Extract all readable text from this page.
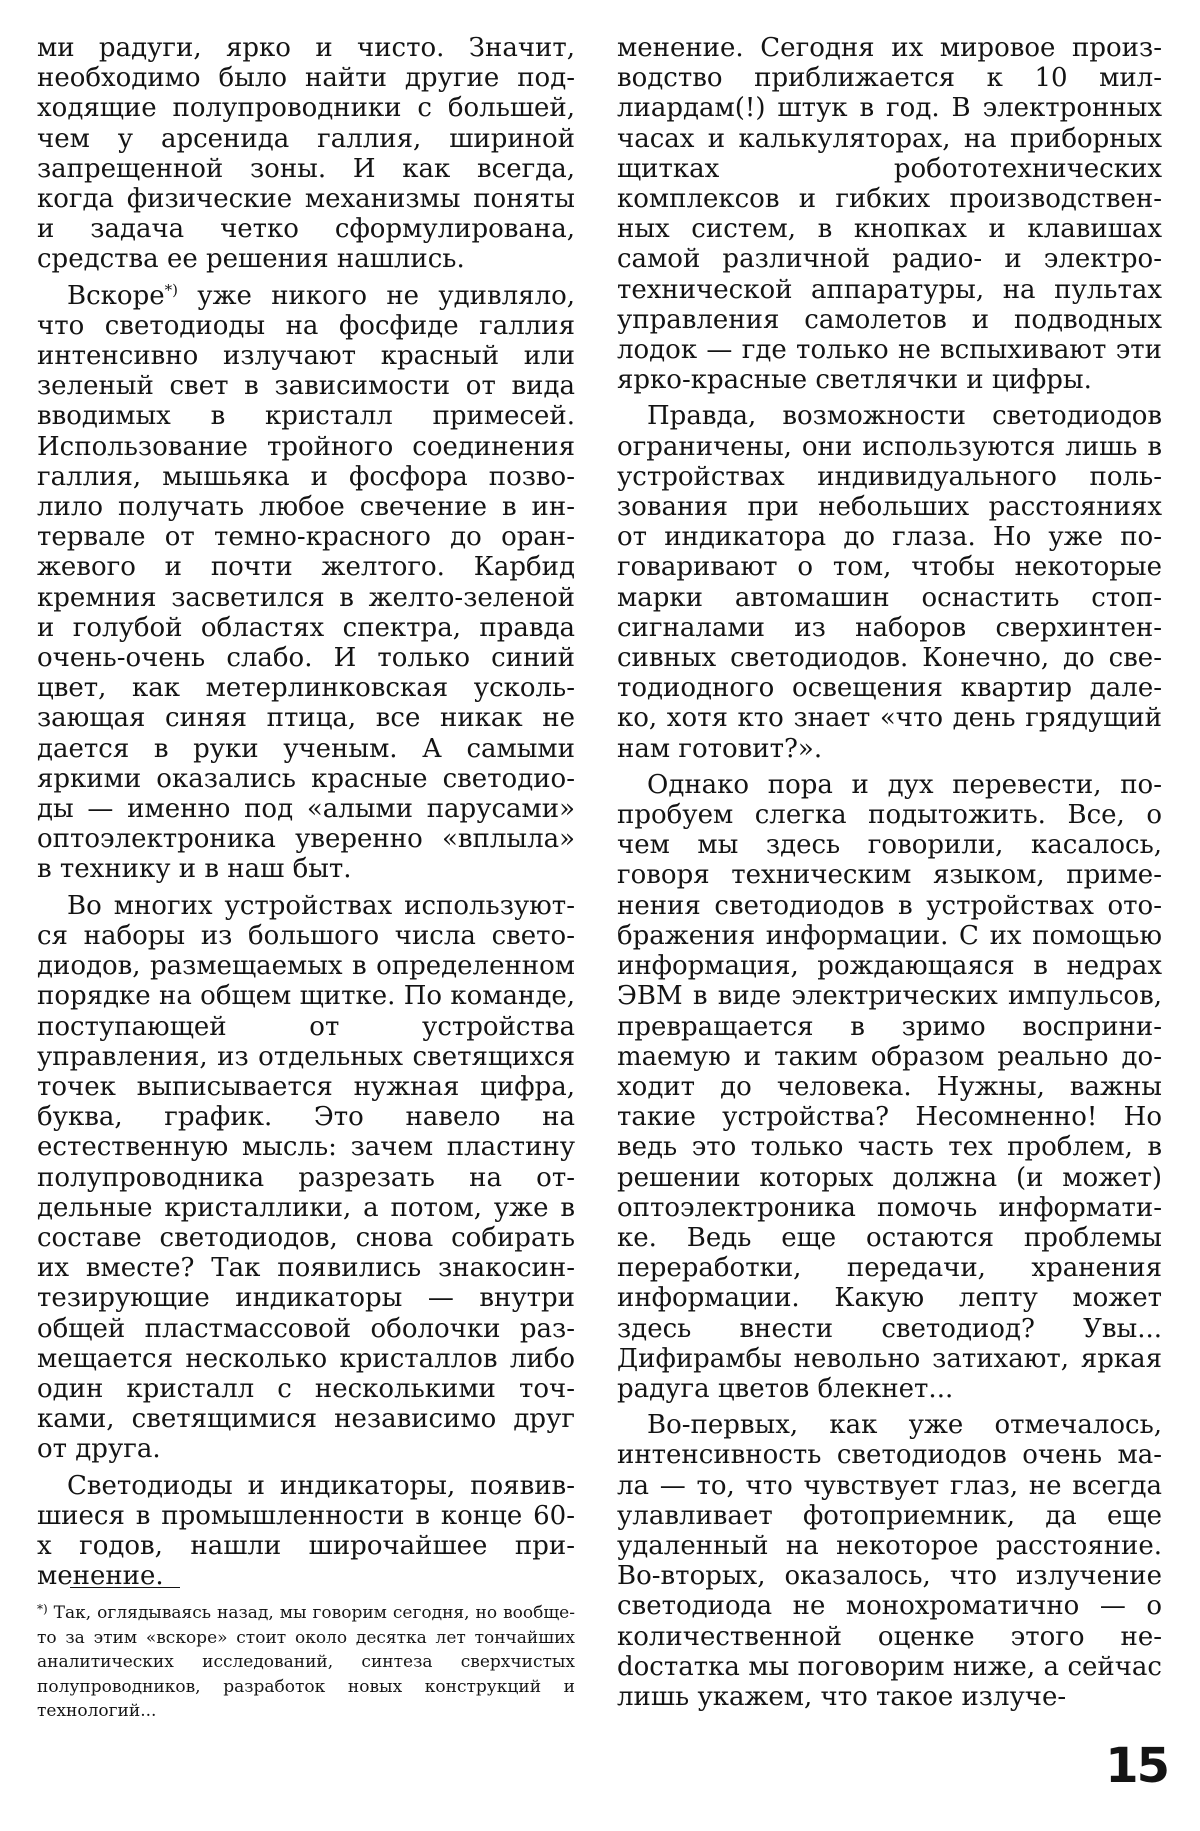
ми радуги, ярко и чисто. Значит, необходимо было найти другие подходящие полупроводники с большей, чем у арсенида галлия, шириной запрещенной зоны. И как всегда, когда физические механизмы поняты и задача четко сформулирована, средства ее решения нашлись.

Вскоре*) уже никого не удивляло, что светодиоды на фосфиде галлия интенсивно излучают красный или зеленый свет в зависимости от вида вводимых в кристалл примесей. Использование тройного соединения галлия, мышьяка и фосфора позволило получать любое свечение в интервале от темно-красного до оранжевого и почти желтого. Карбид кремния засветился в желто-зеленой и голубой областях спектра, правда очень-очень слабо. И только синий цвет, как метерлинковская ускользающая синяя птица, все никак не дается в руки ученым. А самыми яркими оказались красные светодиоды — именно под «алыми парусами» оптоэлектроника уверенно «вплыла» в технику и в наш быт.

Во многих устройствах используются наборы из большого числа светодиодов, размещаемых в определенном порядке на общем щитке. По команде, поступающей от устройства управления, из отдельных светящихся точек выписывается нужная цифра, буква, график. Это навело на естественную мысль: зачем пластину полупроводника разрезать на отдельные кристаллики, а потом, уже в составе светодиодов, снова собирать их вместе? Так появились знакосинтезирующие индикаторы — внутри общей пластмассовой оболочки размещается несколько кристаллов либо один кристалл с несколькими точками, светящимися независимо друг от друга.

Светодиоды и индикаторы, появившиеся в промышленности в конце 60-х годов, нашли широчайшее применение.

менение. Сегодня их мировое производство приближается к 10 миллиардам(!) штук в год. В электронных часах и калькуляторах, на приборных щитках робототехнических комплексов и гибких производственных систем, в кнопках и клавишах самой различной радио- и электротехнической аппаратуры, на пультах управления самолетов и подводных лодок — где только не вспыхивают эти ярко-красные светлячки и цифры.

Правда, возможности светодиодов ограничены, они используются лишь в устройствах индивидуального пользования при небольших расстояниях от индикатора до глаза. Но уже поговаривают о том, чтобы некоторые марки автомашин оснастить стоп-сигналами из наборов сверхинтенсивных светодиодов. Конечно, до светодиодного освещения квартир далеко, хотя кто знает «что день грядущий нам готовит?».

Однако пора и дух перевести, попробуем слегка подытожить. Все, о чем мы здесь говорили, касалось, говоря техническим языком, применения светодиодов в устройствах отображения информации. С их помощью информация, рождающаяся в недрах ЭВМ в виде электрических импульсов, превращается в зримо восприниmаемую и таким образом реально доходит до человека. Нужны, важны такие устройства? Несомненно! Но ведь это только часть тех проблем, в решении которых должна (и может) оптоэлектроника помочь информатике. Ведь еще остаются проблемы переработки, передачи, хранения информации. Какую лепту может здесь внести светодиод? Увы... Дифирамбы невольно затихают, яркая радуга цветов блекнет...

Во-первых, как уже отмечалось, интенсивность светодиодов очень мала — то, что чувствует глаз, не всегда улавливает фотоприемник, да еще удаленный на некоторое расстояние. Во-вторых, оказалось, что излучение светодиода не монохроматично — о количественной оценке этого неdостатка мы поговорим ниже, а сейчас лишь укажем, что такое излуче-

*) Так, оглядываясь назад, мы говорим сегодня, но вообще-то за этим «вскоре» стоит около десятка лет тончайших аналитических исследований, синтеза сверхчистых полупроводников, разработок новых конструкций и технологий...
15
